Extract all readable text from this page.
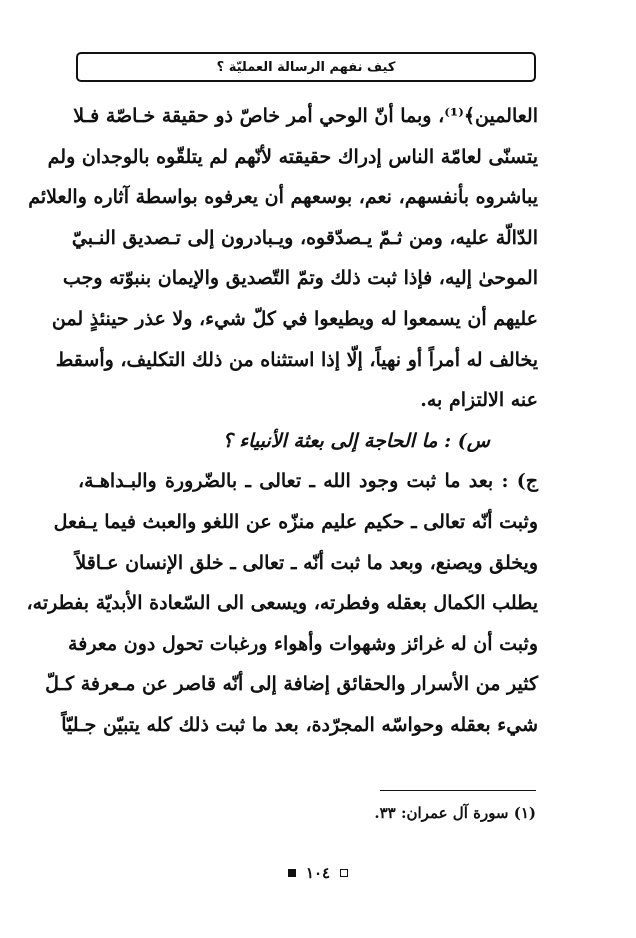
كيف نفهم الرسالة العمليّة ؟
العالمين﴾⁽¹⁾، وبما أنّ الوحي أمر خاصّ ذو حقيقة خـاصّة فـلا
يتسنّى لعامّة الناس إدراك حقيقته لأنّهم لم يتلقّوه بالوجدان ولم
يباشروه بأنفسهم، نعم، بوسعهم أن يعرفوه بواسطة آثاره والعلائم
الدّالّة عليه، ومن ثـمّ يـصدّقوه، ويـبادرون إلى تـصديق النـبيّ
الموحىٰ إليه، فإذا ثبت ذلك وتمّ التّصديق والإيمان بنبوّته وجب
عليهم أن يسمعوا له ويطيعوا في كلّ شيء، ولا عذر حينئذٍ لمن
يخالف له أمراً أو نهياً، إلّا إذا استثناه من ذلك التكليف، وأسقط
عنه الالتزام به.
س) : ما الحاجة إلى بعثة الأنبياء ؟
ج) : بعد ما ثبت وجود الله ـ تعالى ـ بالضّرورة والبـداهـة،
وثبت أنّه تعالى ـ حكيم عليم منزّه عن اللغو والعبث فيما يـفعل
ويخلق ويصنع، وبعد ما ثبت أنّه ـ تعالى ـ خلق الإنسان عـاقلاً
يطلب الكمال بعقله وفطرته، ويسعى الى السّعادة الأبديّة بفطرته،
وثبت أن له غرائز وشهوات وأهواء ورغبات تحول دون معرفة
كثير من الأسرار والحقائق إضافة إلى أنّه قاصر عن مـعرفة كـلّ
شيء بعقله وحواسّه المجرّدة، بعد ما ثبت ذلك كله يتبيّن جـليّاً
(١) سورة آل عمران: ٣٣.
١٠٤
